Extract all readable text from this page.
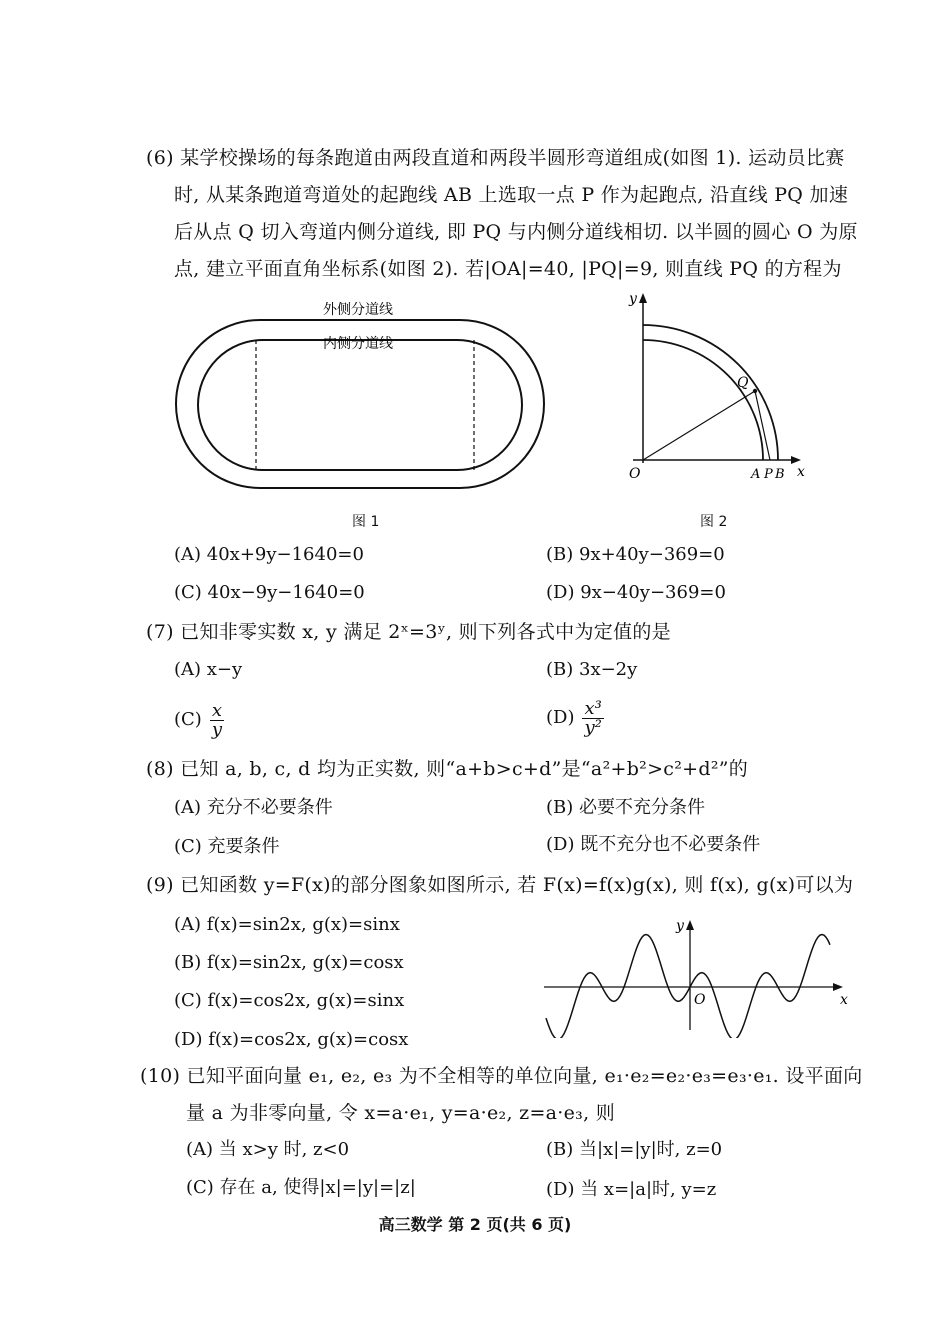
(6) 某学校操场的每条跑道由两段直道和两段半圆形弯道组成(如图 1). 运动员比赛
时, 从某条跑道弯道处的起跑线 AB 上选取一点 P 作为起跑点, 沿直线 PQ 加速
后从点 Q 切入弯道内侧分道线, 即 PQ 与内侧分道线相切. 以半圆的圆心 O 为原
点, 建立平面直角坐标系(如图 2). 若|OA|=40, |PQ|=9, 则直线 PQ 的方程为
外侧分道线
内侧分道线
图 1
y
x
O
Q
A P B
图 2
(A) 40x+9y−1640=0	(B) 9x+40y−369=0
(C) 40x−9y−1640=0	(D) 9x−40y−369=0
(7) 已知非零实数 x, y 满足 2ˣ=3ʸ, 则下列各式中为定值的是
(A) x−y	(B) 3x−2y
$(C) \frac{x}{y}$	$(D) \frac{\text{x³}}{\text{y²}}$
(8) 已知 a, b, c, d 均为正实数, 则“a+b>c+d”是“a²+b²>c²+d²”的
(A) 充分不必要条件	(B) 必要不充分条件
(C) 充要条件	(D) 既不充分也不必要条件
(9) 已知函数 y=F(x)的部分图象如图所示, 若 F(x)=f(x)g(x), 则 f(x), g(x)可以为
(A) f(x)=sin2x, g(x)=sinx
(B) f(x)=sin2x, g(x)=cosx
(C) f(x)=cos2x, g(x)=sinx
(D) f(x)=cos2x, g(x)=cosx
y
x
O
(10) 已知平面向量 e₁, e₂, e₃ 为不全相等的单位向量, e₁·e₂=e₂·e₃=e₃·e₁. 设平面向
量 a 为非零向量, 令 x=a·e₁, y=a·e₂, z=a·e₃, 则
(A) 当 x>y 时, z<0	(B) 当|x|=|y|时, z=0
(C) 存在 a, 使得|x|=|y|=|z|	(D) 当 x=|a|时, y=z
高三数学 第 2 页(共 6 页)
